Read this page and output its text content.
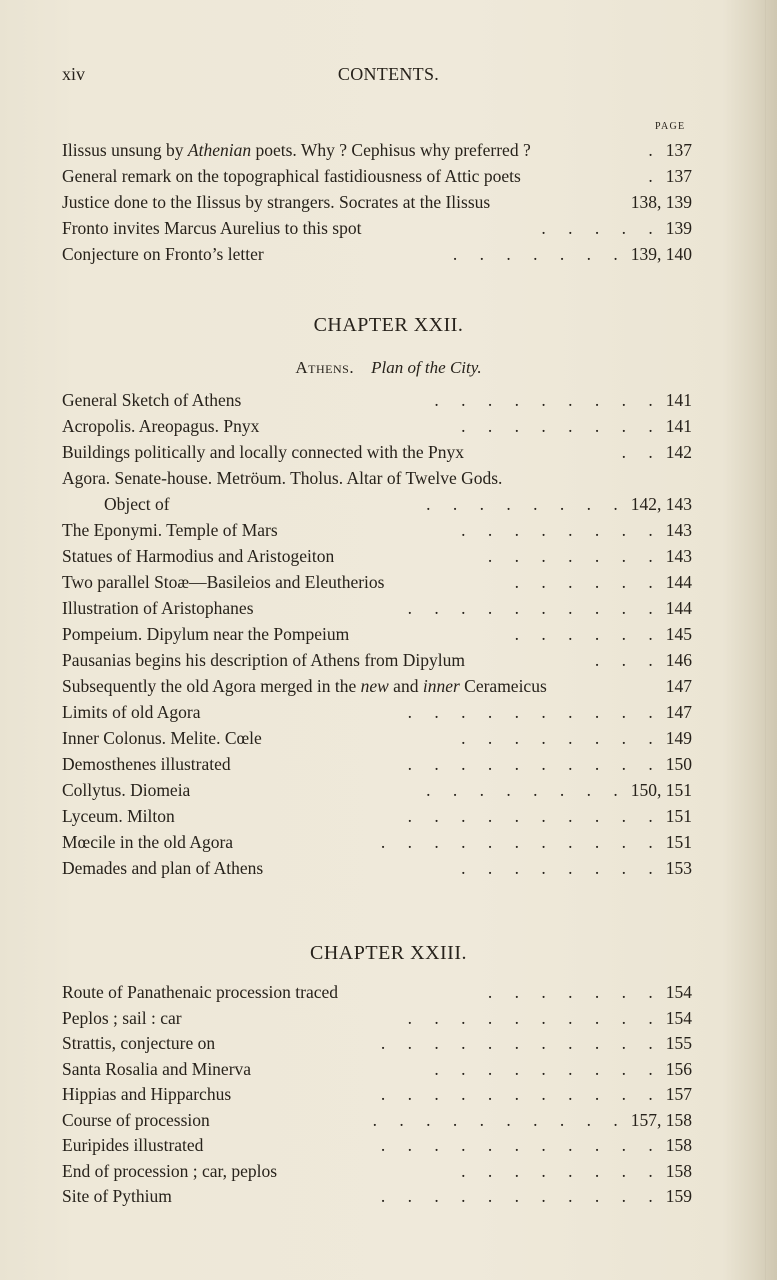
xiv	CONTENTS.
PAGE
Ilissus unsung by Athenian poets. Why ? Cephisus why preferred ?	. 137
General remark on the topographical fastidiousness of Attic poets	. 137
Justice done to the Ilissus by strangers. Socrates at the Ilissus	138, 139
Fronto invites Marcus Aurelius to this spot	. . . . . 139
Conjecture on Fronto’s letter	. . . . . . . 139, 140
CHAPTER XXII.
Athens. Plan of the City.
General Sketch of Athens	. . . . . . . . . 141
Acropolis. Areopagus. Pnyx	. . . . . . . . 141
Buildings politically and locally connected with the Pnyx	. . 142
Agora. Senate-house. Metröum. Tholus. Altar of Twelve Gods.
Object of	. . . . . . . . 142, 143
The Eponymi. Temple of Mars	. . . . . . . . 143
Statues of Harmodius and Aristogeiton	. . . . . . . 143
Two parallel Stoæ—Basileios and Eleutherios	. . . . . . 144
Illustration of Aristophanes	. . . . . . . . . . 144
Pompeium. Dipylum near the Pompeium	. . . . . . 145
Pausanias begins his description of Athens from Dipylum	. . . 146
Subsequently the old Agora merged in the new and inner Cerameicus	147
Limits of old Agora	. . . . . . . . . . 147
Inner Colonus. Melite. Cœle	. . . . . . . . 149
Demosthenes illustrated	. . . . . . . . . . 150
Collytus. Diomeia	. . . . . . . . 150, 151
Lyceum. Milton	. . . . . . . . . . 151
Mœcile in the old Agora	. . . . . . . . . . . 151
Demades and plan of Athens	. . . . . . . . 153
CHAPTER XXIII.
Route of Panathenaic procession traced	. . . . . . . 154
Peplos ; sail : car	. . . . . . . . . . 154
Strattis, conjecture on	. . . . . . . . . . . 155
Santa Rosalia and Minerva	. . . . . . . . . 156
Hippias and Hipparchus	. . . . . . . . . . . 157
Course of procession	. . . . . . . . . . 157, 158
Euripides illustrated	. . . . . . . . . . . 158
End of procession ; car, peplos	. . . . . . . . 158
Site of Pythium	. . . . . . . . . . . 159
